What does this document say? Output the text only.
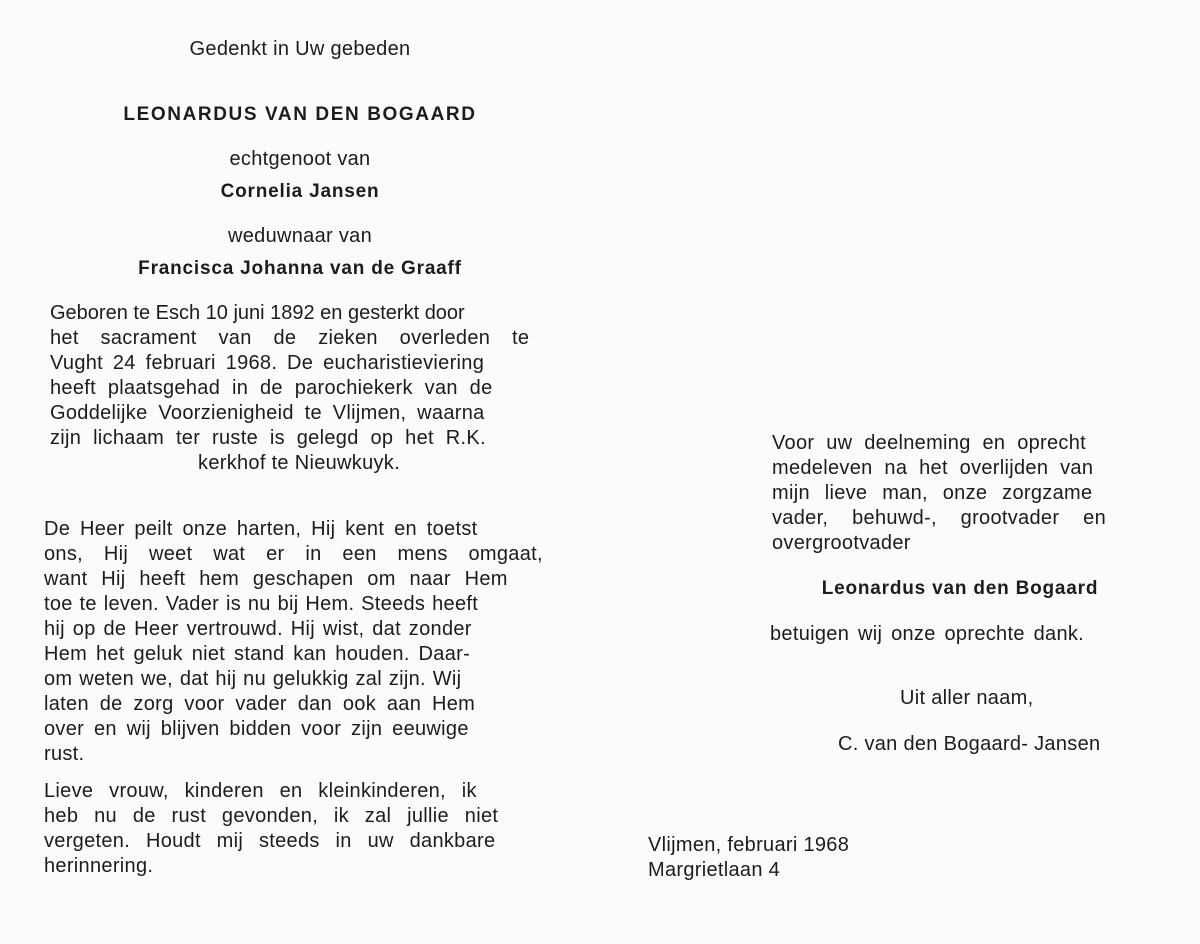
Gedenkt in Uw gebeden
LEONARDUS VAN DEN BOGAARD
echtgenoot van
Cornelia Jansen
weduwnaar van
Francisca Johanna van de Graaff
Geboren te Esch 10 juni 1892 en gesterkt door
het sacrament van de zieken overleden te
Vught 24 februari 1968. De eucharistieviering
heeft plaatsgehad in de parochiekerk van de
Goddelijke Voorzienigheid te Vlijmen, waarna
zijn lichaam ter ruste is gelegd op het R.K.
kerkhof te Nieuwkuyk.
De Heer peilt onze harten, Hij kent en toetst
ons, Hij weet wat er in een mens omgaat,
want Hij heeft hem geschapen om naar Hem
toe te leven. Vader is nu bij Hem. Steeds heeft
hij op de Heer vertrouwd. Hij wist, dat zonder
Hem het geluk niet stand kan houden. Daar-
om weten we, dat hij nu gelukkig zal zijn. Wij
laten de zorg voor vader dan ook aan Hem
over en wij blijven bidden voor zijn eeuwige
rust.
Lieve vrouw, kinderen en kleinkinderen, ik
heb nu de rust gevonden, ik zal jullie niet
vergeten. Houdt mij steeds in uw dankbare
herinnering.
Voor uw deelneming en oprecht
medeleven na het overlijden van
mijn lieve man, onze zorgzame
vader, behuwd-, grootvader en
overgrootvader
Leonardus van den Bogaard
betuigen wij onze oprechte dank.
Uit aller naam,
C. van den Bogaard- Jansen
Vlijmen, februari 1968
Margrietlaan 4
